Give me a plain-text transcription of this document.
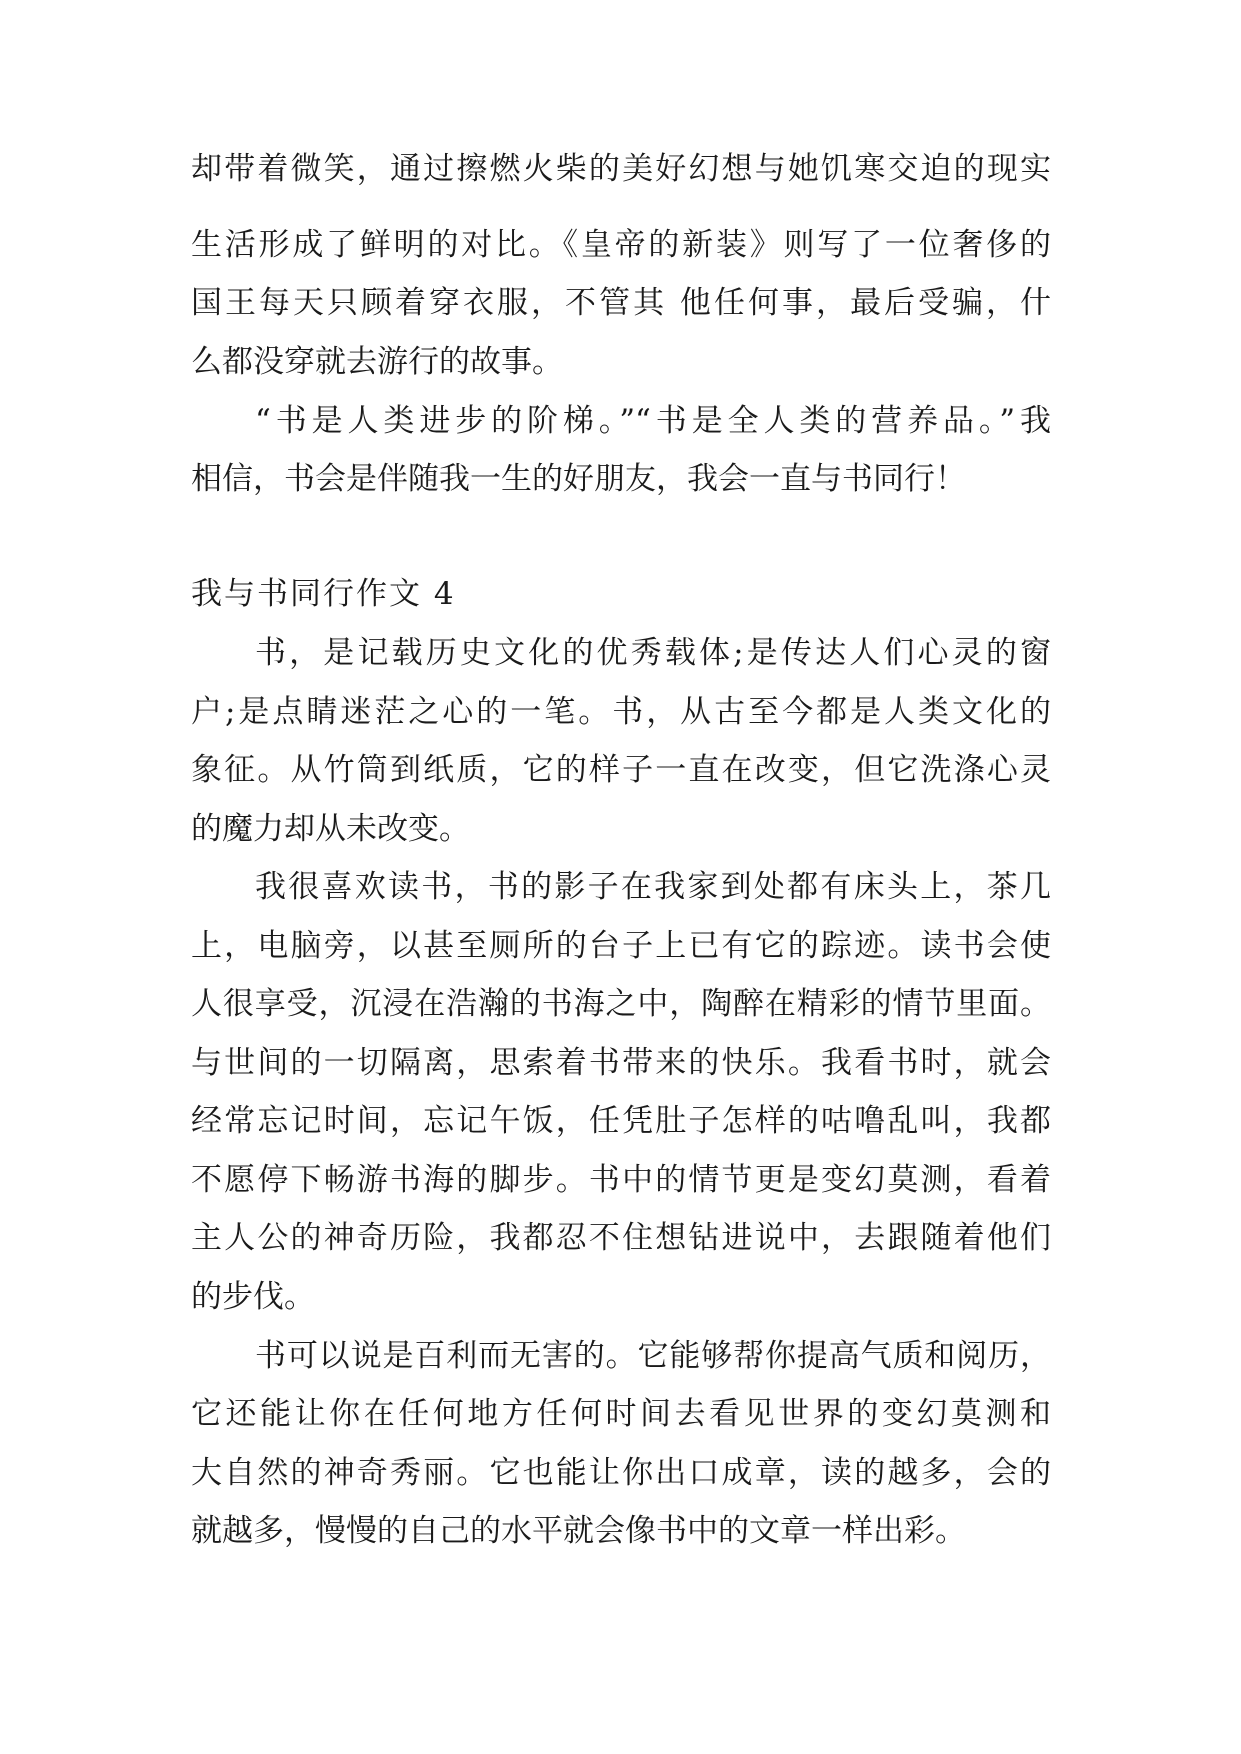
却带着微笑，通过擦燃火柴的美好幻想与她饥寒交迫的现实
生活形成了鲜明的对比。《皇帝的新装》则写了一位奢侈的
国王每天只顾着穿衣服，不管其 他任何事，最后受骗，什
么都没穿就去游行的故事。
“书是人类进步的阶梯。”“书是全人类的营养品。”我
相信，书会是伴随我一生的好朋友，我会一直与书同行！
我与书同行作文 4
书，是记载历史文化的优秀载体;是传达人们心灵的窗
户;是点睛迷茫之心的一笔。书，从古至今都是人类文化的
象征。从竹筒到纸质，它的样子一直在改变，但它洗涤心灵
的魔力却从未改变。
我很喜欢读书，书的影子在我家到处都有床头上，茶几
上，电脑旁，以甚至厕所的台子上已有它的踪迹。读书会使
人很享受，沉浸在浩瀚的书海之中，陶醉在精彩的情节里面。
与世间的一切隔离，思索着书带来的快乐。我看书时，就会
经常忘记时间，忘记午饭，任凭肚子怎样的咕噜乱叫，我都
不愿停下畅游书海的脚步。书中的情节更是变幻莫测，看着
主人公的神奇历险，我都忍不住想钻进说中，去跟随着他们
的步伐。
书可以说是百利而无害的。它能够帮你提高气质和阅历，
它还能让你在任何地方任何时间去看见世界的变幻莫测和
大自然的神奇秀丽。它也能让你出口成章，读的越多，会的
就越多，慢慢的自己的水平就会像书中的文章一样出彩。
